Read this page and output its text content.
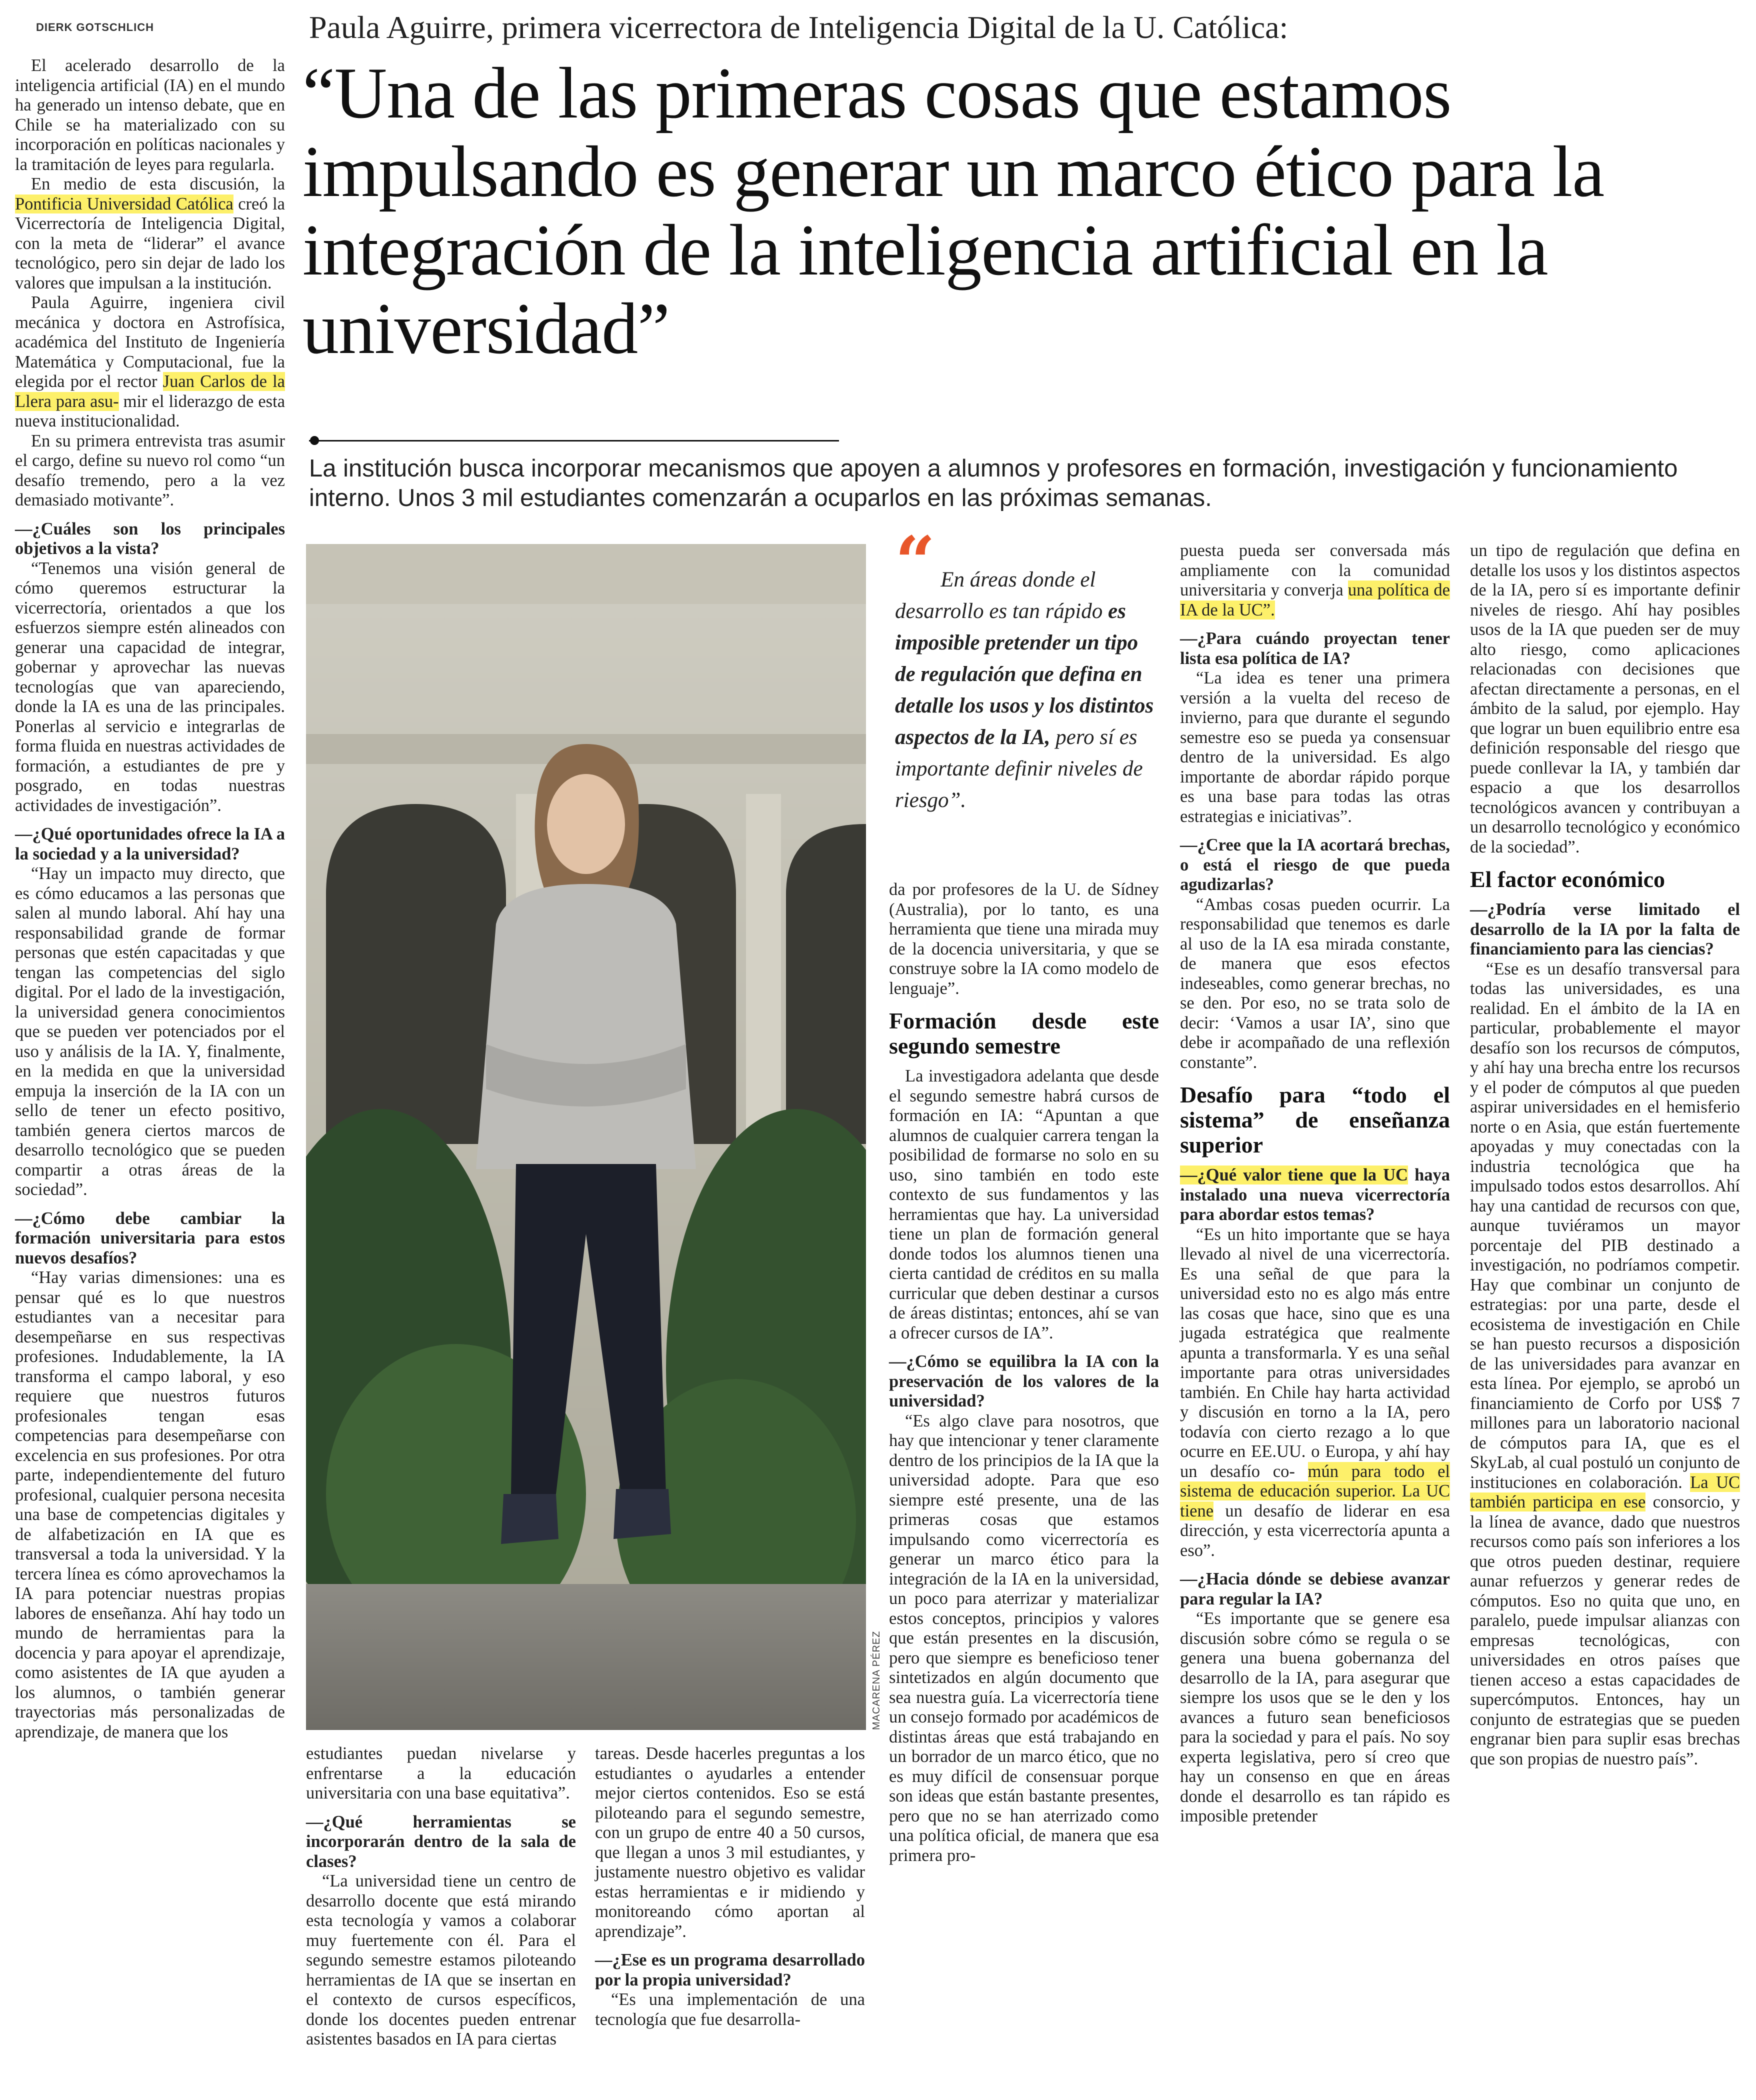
DIERK GOTSCHLICH	Paula Aguirre, primera vicerrectora de Inteligencia Digital de la U. Católica:
“Una de las primeras cosas que estamos impulsando es generar un marco ético para la integración de la inteligencia artificial en la universidad”
La institución busca incorporar mecanismos que apoyen a alumnos y profesores en formación, investigación y funcionamiento interno. Unos 3 mil estudiantes comenzarán a ocuparlos en las próximas semanas.

El acelerado desarrollo de la inteligencia artificial (IA) en el mundo ha generado un intenso debate, que en Chile se ha materializado con su incorporación en políticas nacionales y la tramitación de leyes para regularla.

En medio de esta discusión, la Pontificia Universidad Católica creó la Vicerrectoría de Inteligencia Digital, con la meta de “liderar” el avance tecnológico, pero sin dejar de lado los valores que impulsan a la institución.

Paula Aguirre, ingeniera civil mecánica y doctora en Astrofísica, académica del Instituto de Ingeniería Matemática y Computacional, fue la elegida por el rector Juan Carlos de la Llera para asu- mir el liderazgo de esta nueva institucionalidad.

En su primera entrevista tras asumir el cargo, define su nuevo rol como “un desafío tremendo, pero a la vez demasiado motivante”.

—¿Cuáles son los principales objetivos a la vista?

“Tenemos una visión general de cómo queremos estructurar la vicerrectoría, orientados a que los esfuerzos siempre estén alineados con generar una capacidad de integrar, gobernar y aprovechar las nuevas tecnologías que van apareciendo, donde la IA es una de las principales. Ponerlas al servicio e integrarlas de forma fluida en nuestras actividades de formación, a estudiantes de pre y posgrado, en todas nuestras actividades de investigación”.

—¿Qué oportunidades ofrece la IA a la sociedad y a la universidad?

“Hay un impacto muy directo, que es cómo educamos a las personas que salen al mundo laboral. Ahí hay una responsabilidad grande de formar personas que estén capacitadas y que tengan las competencias del siglo digital. Por el lado de la investigación, la universidad genera conocimientos que se pueden ver potenciados por el uso y análisis de la IA. Y, finalmente, en la medida en que la universidad empuja la inserción de la IA con un sello de tener un efecto positivo, también genera ciertos marcos de desarrollo tecnológico que se pueden compartir a otras áreas de la sociedad”.

—¿Cómo debe cambiar la formación universitaria para estos nuevos desafíos?

“Hay varias dimensiones: una es pensar qué es lo que nuestros estudiantes van a necesitar para desempeñarse en sus respectivas profesiones. Indudablemente, la IA transforma el campo laboral, y eso requiere que nuestros futuros profesionales tengan esas competencias para desempeñarse con excelencia en sus profesiones. Por otra parte, independientemente del futuro profesional, cualquier persona necesita una base de competencias digitales y de alfabetización en IA que es transversal a toda la universidad. Y la tercera línea es cómo aprovechamos la IA para potenciar nuestras propias labores de enseñanza. Ahí hay todo un mundo de herramientas para la docencia y para apoyar el aprendizaje, como asistentes de IA que ayuden a los alumnos, o también generar trayectorias más personalizadas de aprendizaje, de manera que los

MACARENA PÉREZ
“ En áreas donde el desarrollo es tan rápido es imposible pretender un tipo de regulación que defina en detalle los usos y los distintos aspectos de la IA, pero sí es importante definir niveles de riesgo”.

estudiantes puedan nivelarse y enfrentarse a la educación universitaria con una base equitativa”.

—¿Qué herramientas se incorporarán dentro de la sala de clases?

“La universidad tiene un centro de desarrollo docente que está mirando esta tecnología y vamos a colaborar muy fuertemente con él. Para el segundo semestre estamos piloteando herramientas de IA que se insertan en el contexto de cursos específicos, donde los docentes pueden entrenar asistentes basados en IA para ciertas

tareas. Desde hacerles preguntas a los estudiantes o ayudarles a entender mejor ciertos contenidos. Eso se está piloteando para el segundo semestre, con un grupo de entre 40 a 50 cursos, que llegan a unos 3 mil estudiantes, y justamente nuestro objetivo es validar estas herramientas e ir midiendo y monitoreando cómo aportan al aprendizaje”.

—¿Ese es un programa desarrollado por la propia universidad?

“Es una implementación de una tecnología que fue desarrolla-

da por profesores de la U. de Sídney (Australia), por lo tanto, es una herramienta que tiene una mirada muy de la docencia universitaria, y que se construye sobre la IA como modelo de lenguaje”.

Formación desde este segundo semestre

La investigadora adelanta que desde el segundo semestre habrá cursos de formación en IA: “Apuntan a que alumnos de cualquier carrera tengan la posibilidad de formarse no solo en su uso, sino también en todo este contexto de sus fundamentos y las herramientas que hay. La universidad tiene un plan de formación general donde todos los alumnos tienen una cierta cantidad de créditos en su malla curricular que deben destinar a cursos de áreas distintas; entonces, ahí se van a ofrecer cursos de IA”.

—¿Cómo se equilibra la IA con la preservación de los valores de la universidad?

“Es algo clave para nosotros, que hay que intencionar y tener claramente dentro de los principios de la IA que la universidad adopte. Para que eso siempre esté presente, una de las primeras cosas que estamos impulsando como vicerrectoría es generar un marco ético para la integración de la IA en la universidad, un poco para aterrizar y materializar estos conceptos, principios y valores que están presentes en la discusión, pero que siempre es beneficioso tener sintetizados en algún documento que sea nuestra guía. La vicerrectoría tiene un consejo formado por académicos de distintas áreas que está trabajando en un borrador de un marco ético, que no es muy difícil de consensuar porque son ideas que están bastante presentes, pero que no se han aterrizado como una política oficial, de manera que esa primera pro-

puesta pueda ser conversada más ampliamente con la comunidad universitaria y converja una política de IA de la UC”.

—¿Para cuándo proyectan tener lista esa política de IA?

“La idea es tener una primera versión a la vuelta del receso de invierno, para que durante el segundo semestre eso se pueda ya consensuar dentro de la universidad. Es algo importante de abordar rápido porque es una base para todas las otras estrategias e iniciativas”.

—¿Cree que la IA acortará brechas, o está el riesgo de que pueda agudizarlas?

“Ambas cosas pueden ocurrir. La responsabilidad que tenemos es darle al uso de la IA esa mirada constante, de manera que esos efectos indeseables, como generar brechas, no se den. Por eso, no se trata solo de decir: ‘Vamos a usar IA’, sino que debe ir acompañado de una reflexión constante”.

Desafío para “todo el sistema” de enseñanza superior

—¿Qué valor tiene que la UC haya instalado una nueva vicerrectoría para abordar estos temas?

“Es un hito importante que se haya llevado al nivel de una vicerrectoría. Es una señal de que para la universidad esto no es algo más entre las cosas que hace, sino que es una jugada estratégica que realmente apunta a transformarla. Y es una señal importante para otras universidades también. En Chile hay harta actividad y discusión en torno a la IA, pero todavía con cierto rezago a lo que ocurre en EE.UU. o Europa, y ahí hay un desafío co- mún para todo el sistema de educación superior. La UC tiene un desafío de liderar en esa dirección, y esta vicerrectoría apunta a eso”.

—¿Hacia dónde se debiese avanzar para regular la IA?

“Es importante que se genere esa discusión sobre cómo se regula o se genera una buena gobernanza del desarrollo de la IA, para asegurar que siempre los usos que se le den y los avances a futuro sean beneficiosos para la sociedad y para el país. No soy experta legislativa, pero sí creo que hay un consenso en que en áreas donde el desarrollo es tan rápido es imposible pretender

un tipo de regulación que defina en detalle los usos y los distintos aspectos de la IA, pero sí es importante definir niveles de riesgo. Ahí hay posibles usos de la IA que pueden ser de muy alto riesgo, como aplicaciones relacionadas con decisiones que afectan directamente a personas, en el ámbito de la salud, por ejemplo. Hay que lograr un buen equilibrio entre esa definición responsable del riesgo que puede conllevar la IA, y también dar espacio a que los desarrollos tecnológicos avancen y contribuyan a un desarrollo tecnológico y económico de la sociedad”.

El factor económico

—¿Podría verse limitado el desarrollo de la IA por la falta de financiamiento para las ciencias?

“Ese es un desafío transversal para todas las universidades, es una realidad. En el ámbito de la IA en particular, probablemente el mayor desafío son los recursos de cómputos, y ahí hay una brecha entre los recursos y el poder de cómputos al que pueden aspirar universidades en el hemisferio norte o en Asia, que están fuertemente apoyadas y muy conectadas con la industria tecnológica que ha impulsado todos estos desarrollos. Ahí hay una cantidad de recursos con que, aunque tuviéramos un mayor porcentaje del PIB destinado a investigación, no podríamos competir. Hay que combinar un conjunto de estrategias: por una parte, desde el ecosistema de investigación en Chile se han puesto recursos a disposición de las universidades para avanzar en esta línea. Por ejemplo, se aprobó un financiamiento de Corfo por US$ 7 millones para un laboratorio nacional de cómputos para IA, que es el SkyLab, al cual postuló un conjunto de instituciones en colaboración. La UC también participa en ese consorcio, y la línea de avance, dado que nuestros recursos como país son inferiores a los que otros pueden destinar, requiere aunar refuerzos y generar redes de cómputos. Eso no quita que uno, en paralelo, puede impulsar alianzas con empresas tecnológicas, con universidades en otros países que tienen acceso a estas capacidades de supercómputos. Entonces, hay un conjunto de estrategias que se pueden engranar bien para suplir esas brechas que son propias de nuestro país”.
